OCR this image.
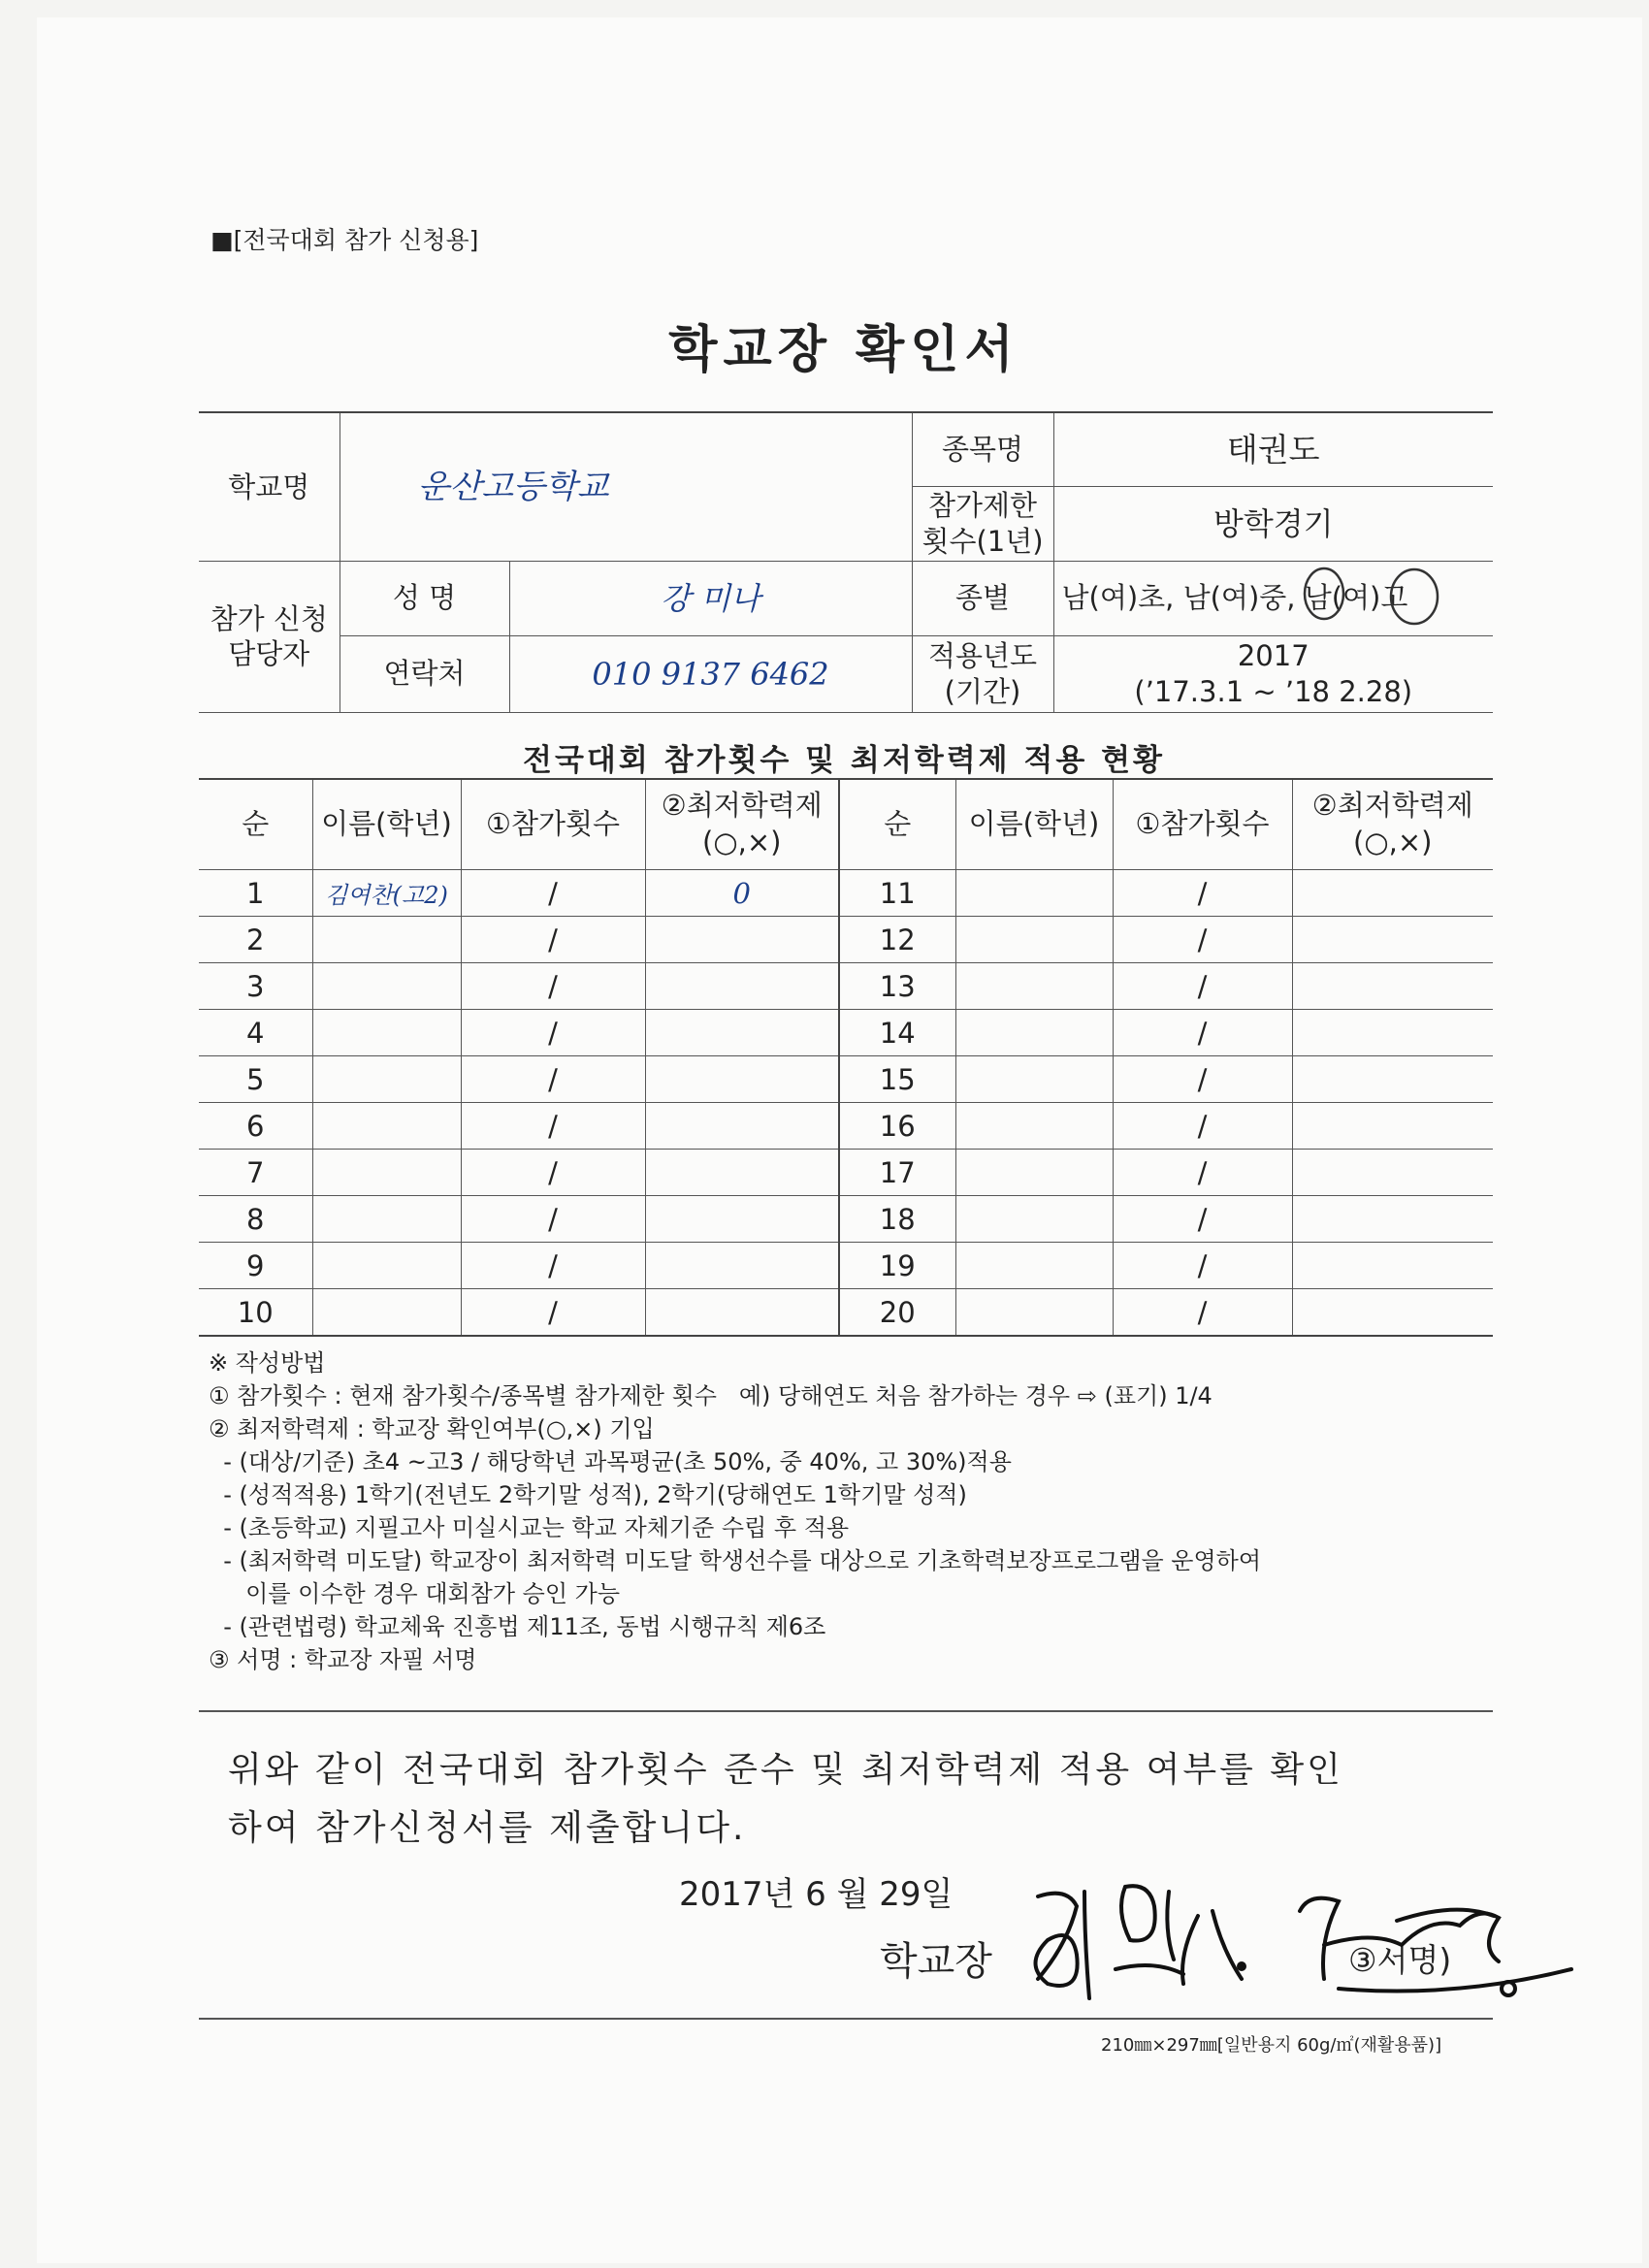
■[전국대회 참가 신청용]
학교장 확인서
학교명	운산고등학교		종목명	태권도
			참가제한 횟수(1년)	방학경기
참가 신청 담당자	성 명	강 미나	종별	남(여)초, 남(여)중, 남(여)고
	연락처	010 9137 6462	적용년도 (기간)	2017
(’17.3.1 ~ ’18 2.28)
전국대회 참가횟수 및 최저학력제 적용 현황
순	이름(학년)	①참가횟수	②최저학력제 (○,×)	순	이름(학년)	①참가횟수	②최저학력제 (○,×)
1	김여찬(고2)	/	0	11		/	
2		/		12		/	
3		/		13		/	
4		/		14		/	
5		/		15		/	
6		/		16		/	
7		/		17		/	
8		/		18		/	
9		/		19		/	
10		/		20		/	
※ 작성방법
① 참가횟수 : 현재 참가횟수/종목별 참가제한 횟수   예) 당해연도 처음 참가하는 경우 ⇨ (표기) 1/4
② 최저학력제 : 학교장 확인여부(○,×) 기입
- (대상/기준) 초4 ~고3 / 해당학년 과목평균(초 50%, 중 40%, 고 30%)적용
- (성적적용) 1학기(전년도 2학기말 성적), 2학기(당해연도 1학기말 성적)
- (초등학교) 지필고사 미실시교는 학교 자체기준 수립 후 적용
- (최저학력 미도달) 학교장이 최저학력 미도달 학생선수를 대상으로 기초학력보장프로그램을 운영하여
이를 이수한 경우 대회참가 승인 가능
- (관련법령) 학교체육 진흥법 제11조, 동법 시행규칙 제6조
③ 서명 : 학교장 자필 서명
위와 같이 전국대회 참가횟수 준수 및 최저학력제 적용 여부를 확인
하여 참가신청서를 제출합니다.
2017년 6 월 29일
학교장	③서명)
210㎜×297㎜[일반용지 60g/㎡(재활용품)]
